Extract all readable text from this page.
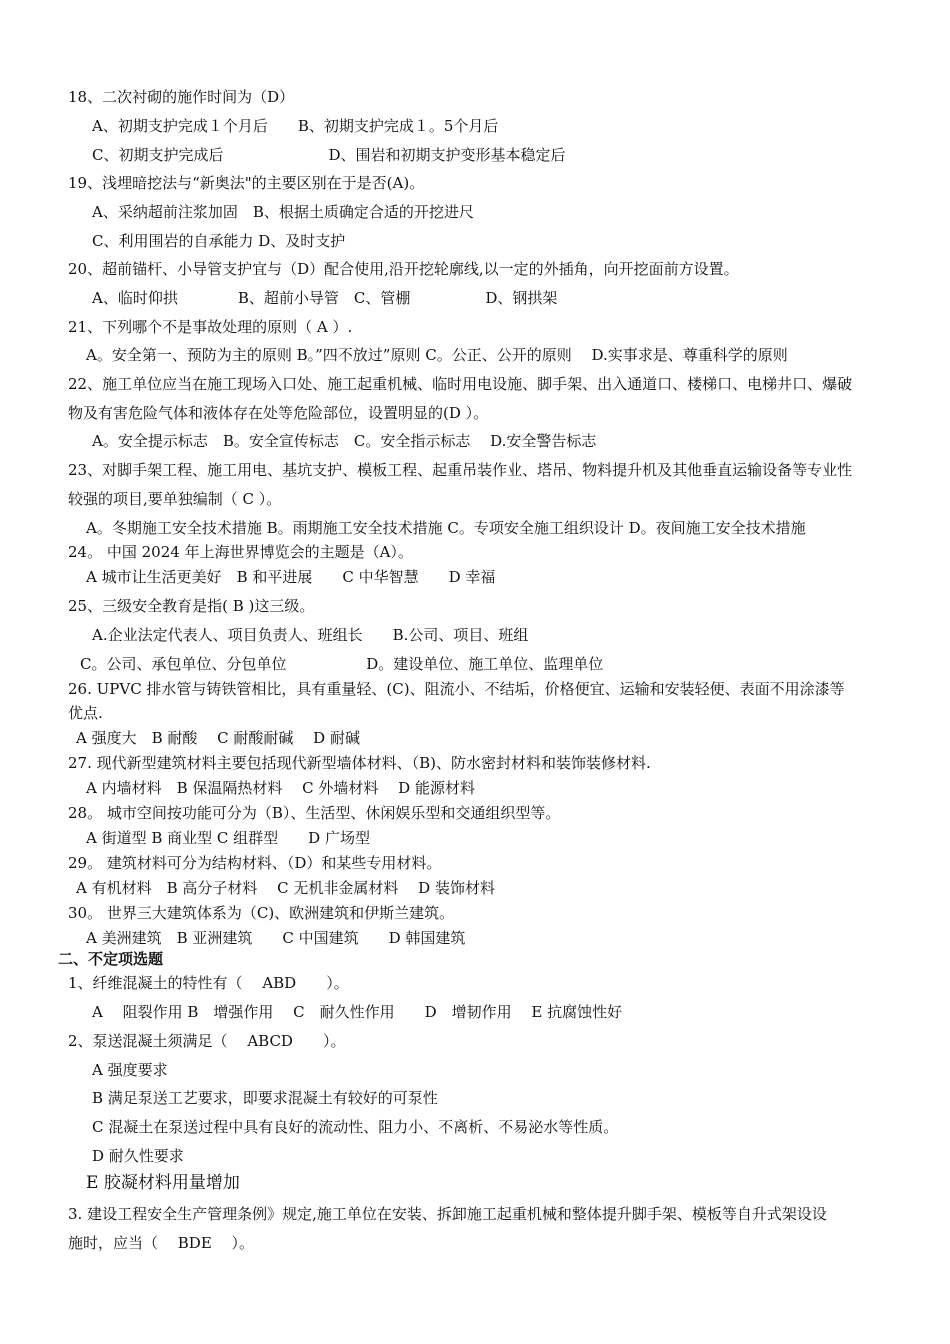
18、二次衬砌的施作时间为（D）
A、初期支护完成１个月后　　B、初期支护完成１。5个月后
C、初期支护完成后　　　　　　　D、围岩和初期支护变形基本稳定后
19、浅埋暗挖法与“新奥法"的主要区别在于是否(A)。
A、采纳超前注浆加固　B、根据土质确定合适的开挖进尺
C、利用围岩的自承能力 D、及时支护
20、超前锚杆、小导管支护宜与（D）配合使用,沿开挖轮廓线,以一定的外插角，向开挖面前方设置。
A、临时仰拱　　　　B、超前小导管　C、管棚　　　　　D、钢拱架
21、下列哪个不是事故处理的原则（ A ）.
A。安全第一、预防为主的原则 B。”四不放过”原则 C。公正、公开的原则　 D.实事求是、尊重科学的原则
22、施工单位应当在施工现场入口处、施工起重机械、临时用电设施、脚手架、出入通道口、楼梯口、电梯井口、爆破
物及有害危险气体和液体存在处等危险部位，设置明显的(D ）。
A。安全提示标志　B。安全宣传标志　C。安全指示标志　 D.安全警告标志
23、对脚手架工程、施工用电、基坑支护、模板工程、起重吊装作业、塔吊、物料提升机及其他垂直运输设备等专业性
较强的项目,要单独编制（ C ）。
A。冬期施工安全技术措施 B。雨期施工安全技术措施 C。专项安全施工组织设计 D。夜间施工安全技术措施
24。 中国 2024 年上海世界博览会的主题是（A）。
A 城市让生活更美好　B 和平进展　　C 中华智慧　　D 幸福
25、三级安全教育是指( B )这三级。
A.企业法定代表人、项目负责人、班组长　　B.公司、项目、班组
C。公司、承包单位、分包单位　　　　　 D。建设单位、施工单位、监理单位
26. UPVC 排水管与铸铁管相比，具有重量轻、(C)、阻流小、不结垢，价格便宜、运输和安装轻便、表面不用涂漆等
优点.
A 强度大　B 耐酸　 C 耐酸耐碱　 D 耐碱
27. 现代新型建筑材料主要包括现代新型墙体材料、（B)、防水密封材料和装饰装修材料.
A 内墙材料　B 保温隔热材料　 C 外墙材料　 D 能源材料
28。 城市空间按功能可分为（B）、生活型、休闲娱乐型和交通组织型等。
A 街道型 B 商业型 C 组群型　　D 广场型
29。 建筑材料可分为结构材料、（D）和某些专用材料。
A 有机材料　B 高分子材料　 C 无机非金属材料　 D 装饰材料
30。 世界三大建筑体系为（C)、欧洲建筑和伊斯兰建筑。
A 美洲建筑　B 亚洲建筑　　C 中国建筑　　D 韩国建筑
二、不定项选题
1、纤维混凝土的特性有（　 ABD　　）。
A　 阻裂作用 B　增强作用　 C　耐久性作用　　D　增韧作用　 E 抗腐蚀性好
2、泵送混凝土须满足（　 ABCD　　）。
A 强度要求
B 满足泵送工艺要求，即要求混凝土有较好的可泵性
C 混凝土在泵送过程中具有良好的流动性、阻力小、不离析、不易泌水等性质。
D 耐久性要求
E 胶凝材料用量增加
3. 建设工程安全生产管理条例》规定,施工单位在安装、拆卸施工起重机械和整体提升脚手架、模板等自升式架设设
施时，应当（　 BDE　 ）。
